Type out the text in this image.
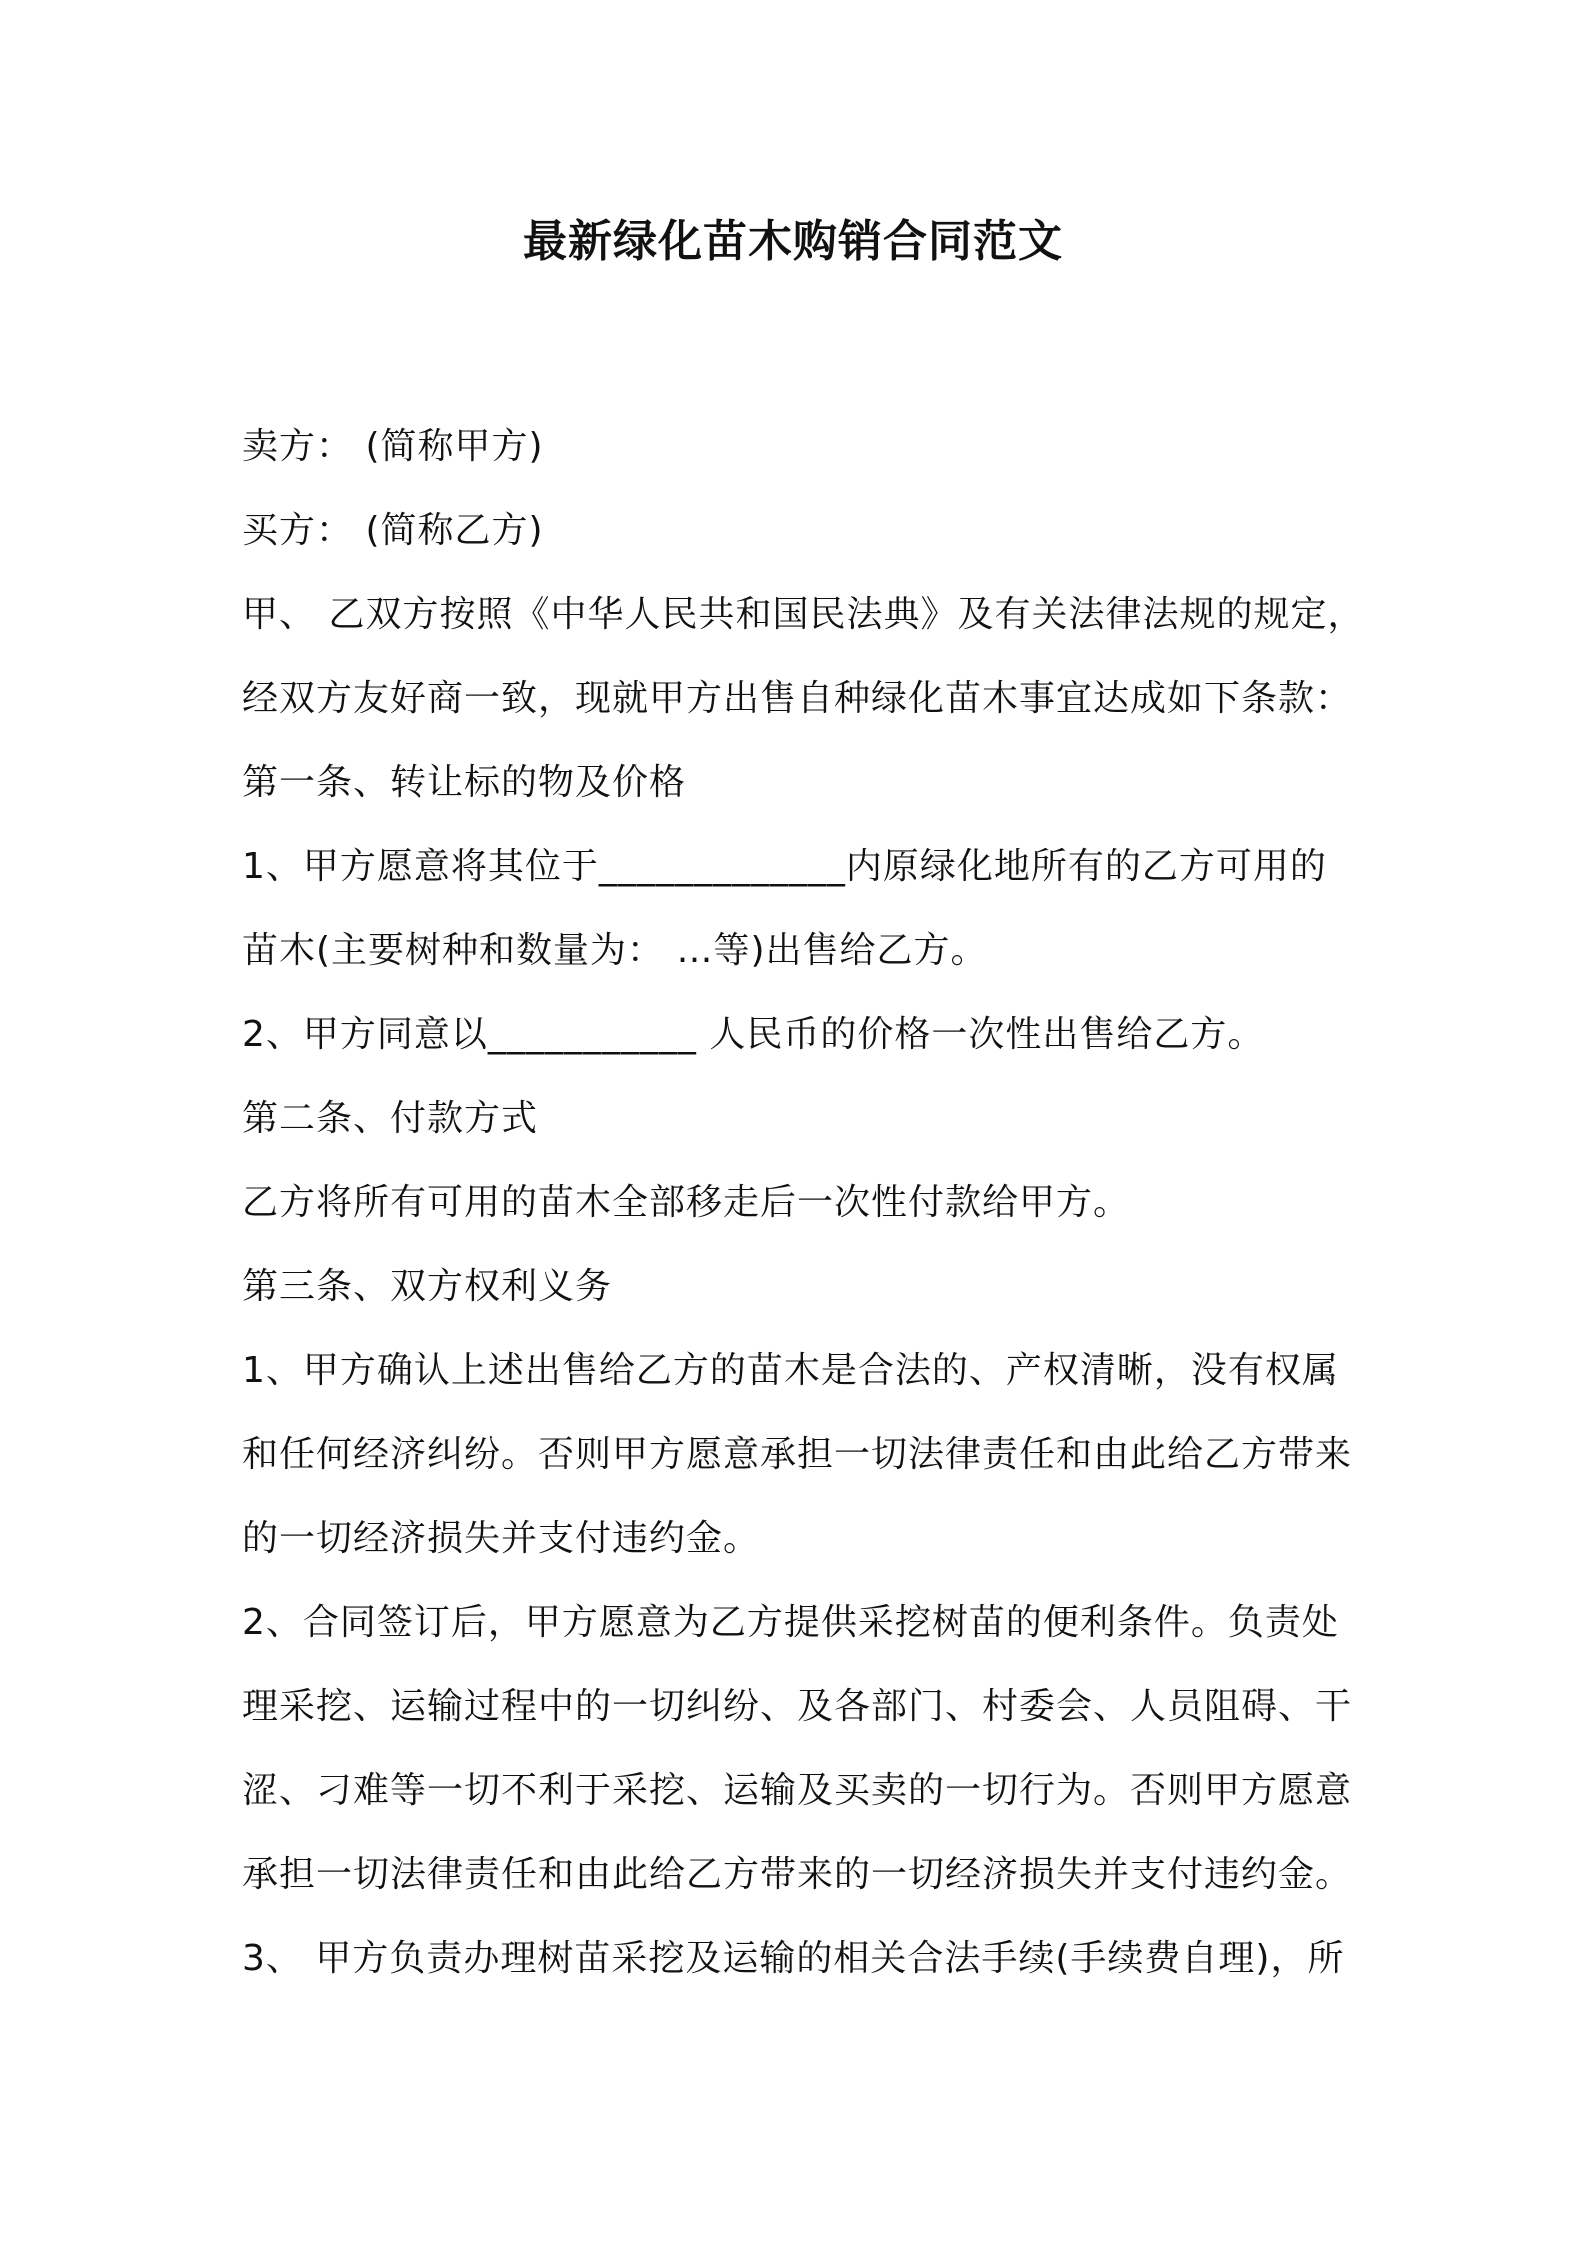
最新绿化苗木购销合同范文
卖方： (简称甲方)
买方： (简称乙方)
甲、 乙双方按照《中华人民共和国民法典》及有关法律法规的规定，
经双方友好商一致，现就甲方出售自种绿化苗木事宜达成如下条款：
第一条、转让标的物及价格
1、甲方愿意将其位于_____________内原绿化地所有的乙方可用的
苗木(主要树种和数量为： …等)出售给乙方。
2、甲方同意以___________ 人民币的价格一次性出售给乙方。
第二条、付款方式
乙方将所有可用的苗木全部移走后一次性付款给甲方。
第三条、双方权利义务
1、甲方确认上述出售给乙方的苗木是合法的、产权清晰，没有权属
和任何经济纠纷。否则甲方愿意承担一切法律责任和由此给乙方带来
的一切经济损失并支付违约金。
2、合同签订后，甲方愿意为乙方提供采挖树苗的便利条件。负责处
理采挖、运输过程中的一切纠纷、及各部门、村委会、人员阻碍、干
涩、刁难等一切不利于采挖、运输及买卖的一切行为。否则甲方愿意
承担一切法律责任和由此给乙方带来的一切经济损失并支付违约金。
3、 甲方负责办理树苗采挖及运输的相关合法手续(手续费自理)，所
